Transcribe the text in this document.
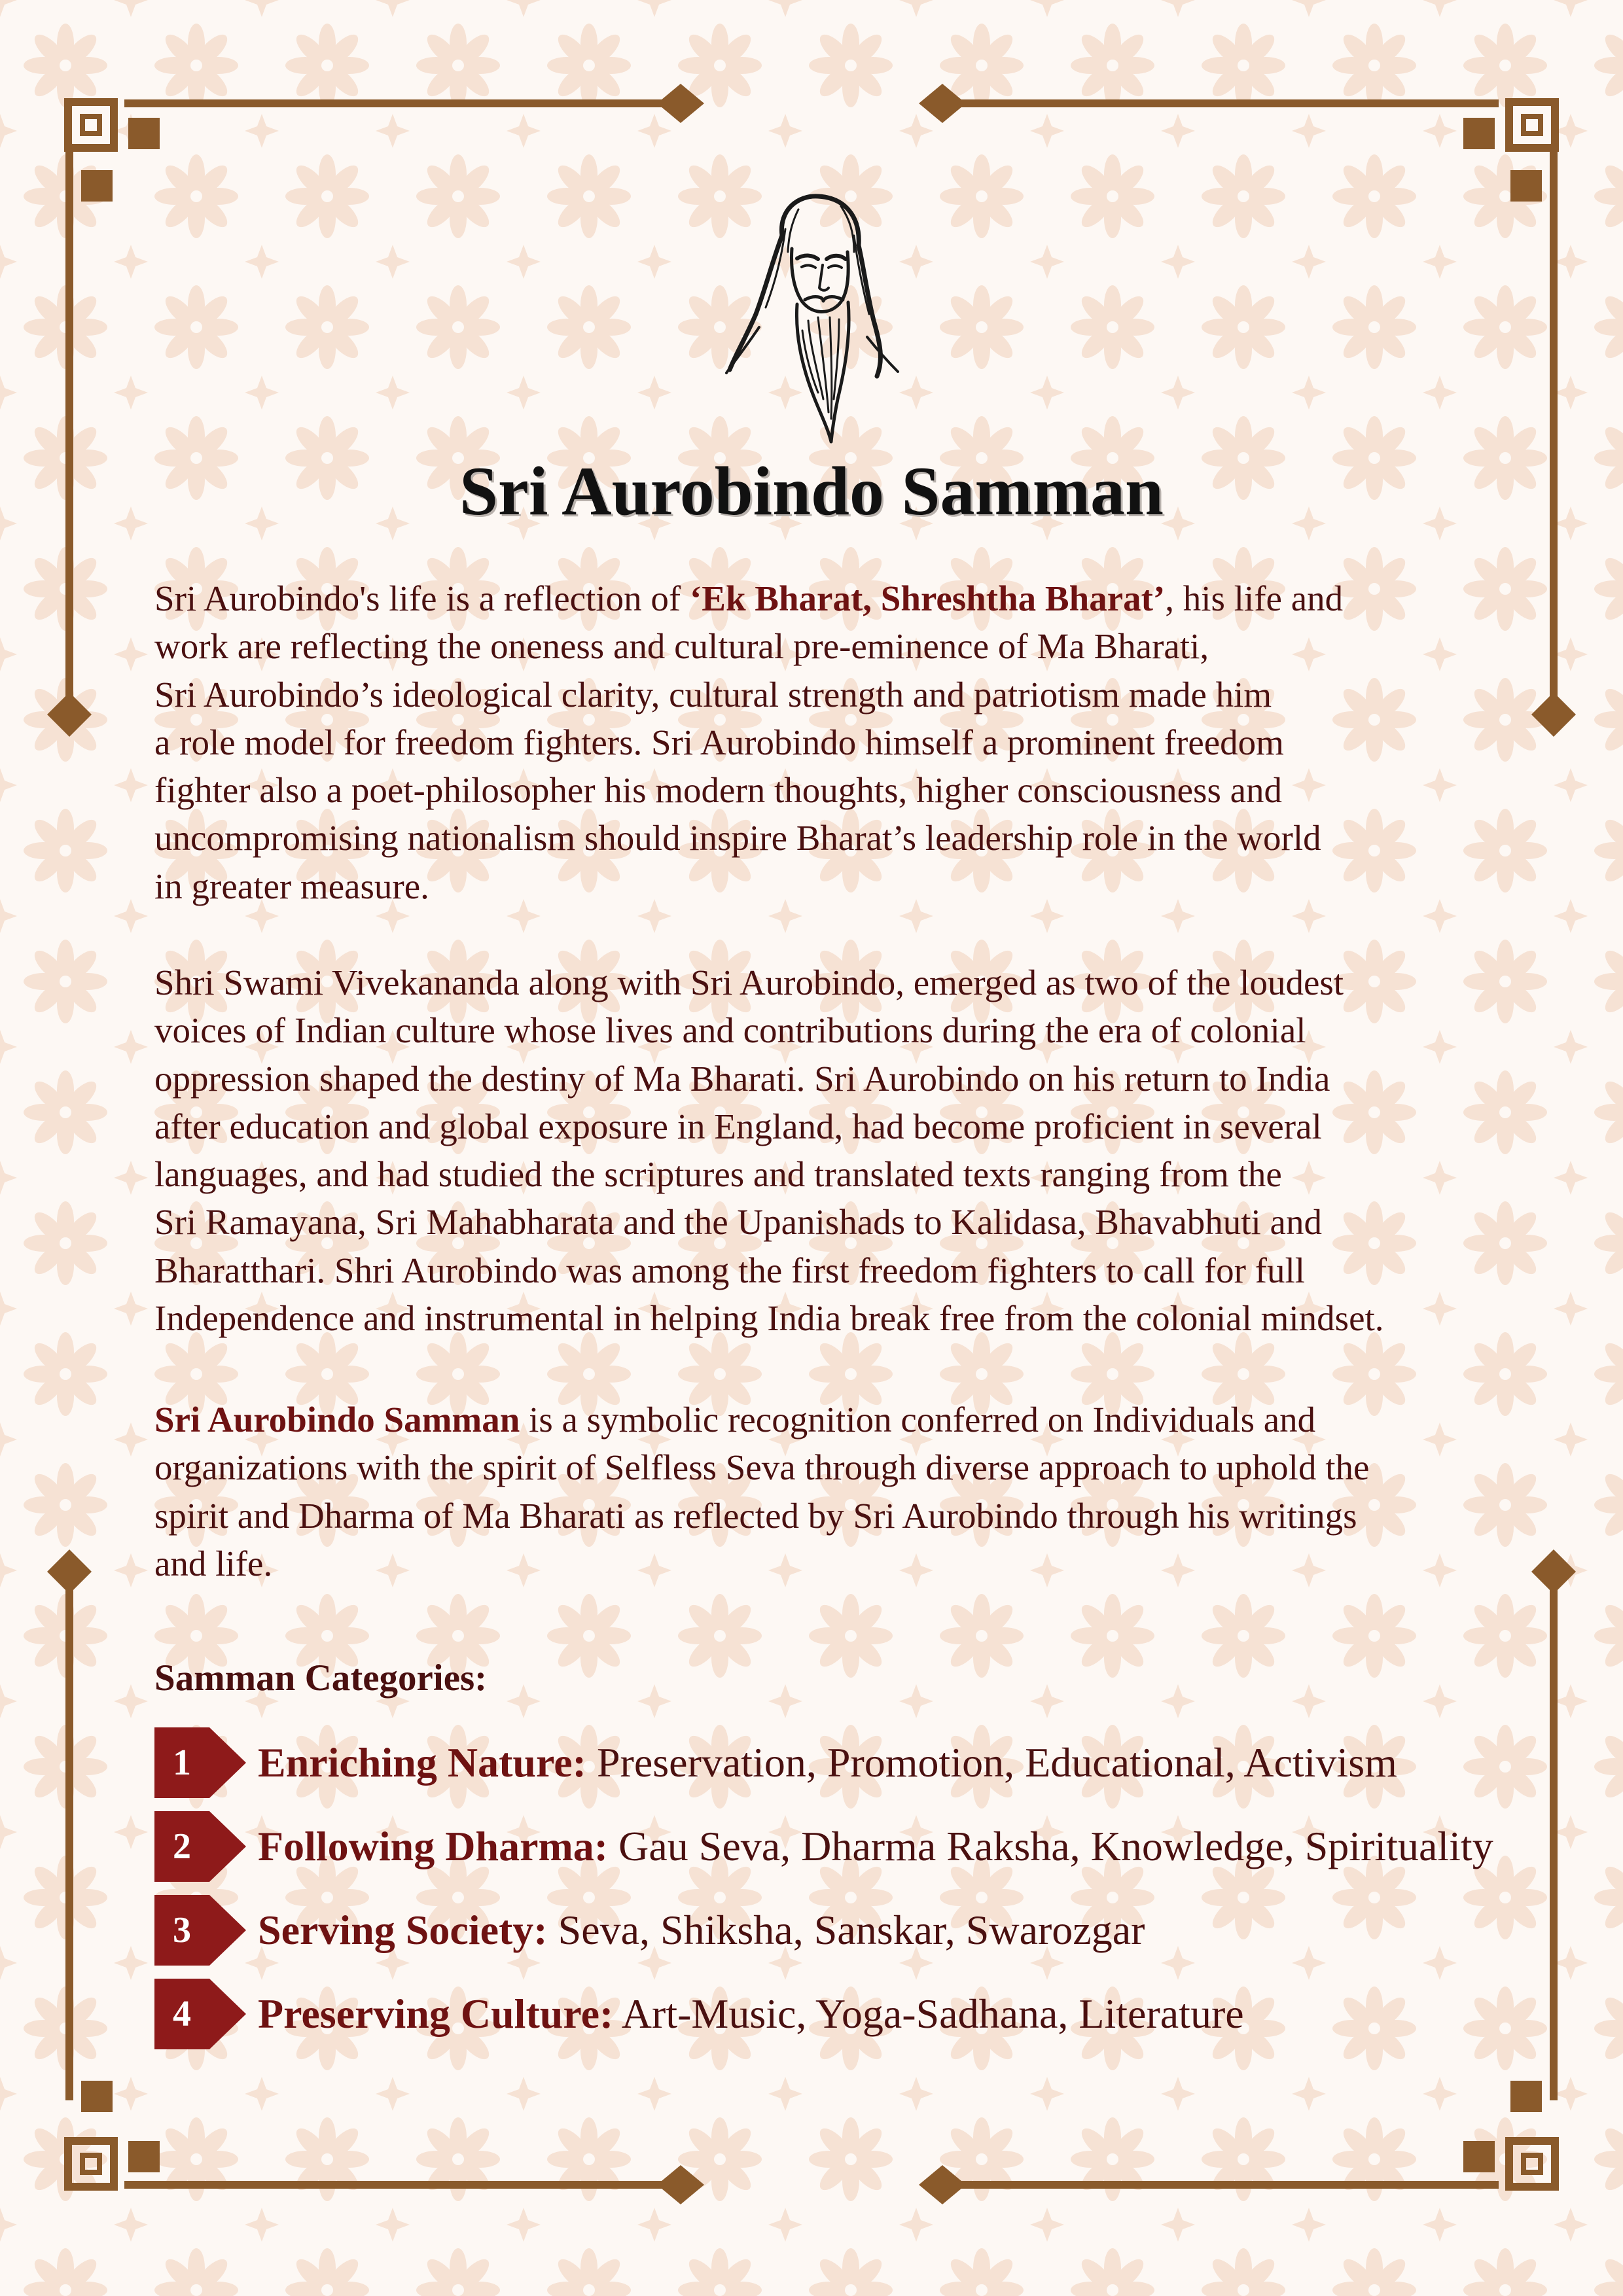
Sri Aurobindo Samman
Sri Aurobindo's life is a reflection of ‘Ek Bharat, Shreshtha Bharat’, his life and
work are reflecting the oneness and cultural pre-eminence of Ma Bharati,
Sri Aurobindo’s ideological clarity, cultural strength and patriotism made him
a role model for freedom fighters. Sri Aurobindo himself a prominent freedom
fighter also a poet-philosopher his modern thoughts, higher consciousness and
uncompromising nationalism should inspire Bharat’s leadership role in the world
in greater measure.
Shri Swami Vivekananda along with Sri Aurobindo, emerged as two of the loudest
voices of Indian culture whose lives and contributions during the era of colonial
oppression shaped the destiny of Ma Bharati. Sri Aurobindo on his return to India
after education and global exposure in England, had become proficient in several
languages, and had studied the scriptures and translated texts ranging from the
Sri Ramayana, Sri Mahabharata and the Upanishads to Kalidasa, Bhavabhuti and
Bharatthari. Shri Aurobindo was among the first freedom fighters to call for full
Independence and instrumental in helping India break free from the colonial mindset.
Sri Aurobindo Samman is a symbolic recognition conferred on Individuals and
organizations with the spirit of Selfless Seva through diverse approach to uphold the
spirit and Dharma of Ma Bharati as reflected by Sri Aurobindo through his writings
and life.
Samman Categories:
1	Enriching Nature: Preservation, Promotion, Educational, Activism
2	Following Dharma: Gau Seva, Dharma Raksha, Knowledge, Spirituality
3	Serving Society: Seva, Shiksha, Sanskar, Swarozgar
4	Preserving Culture: Art-Music, Yoga-Sadhana, Literature
